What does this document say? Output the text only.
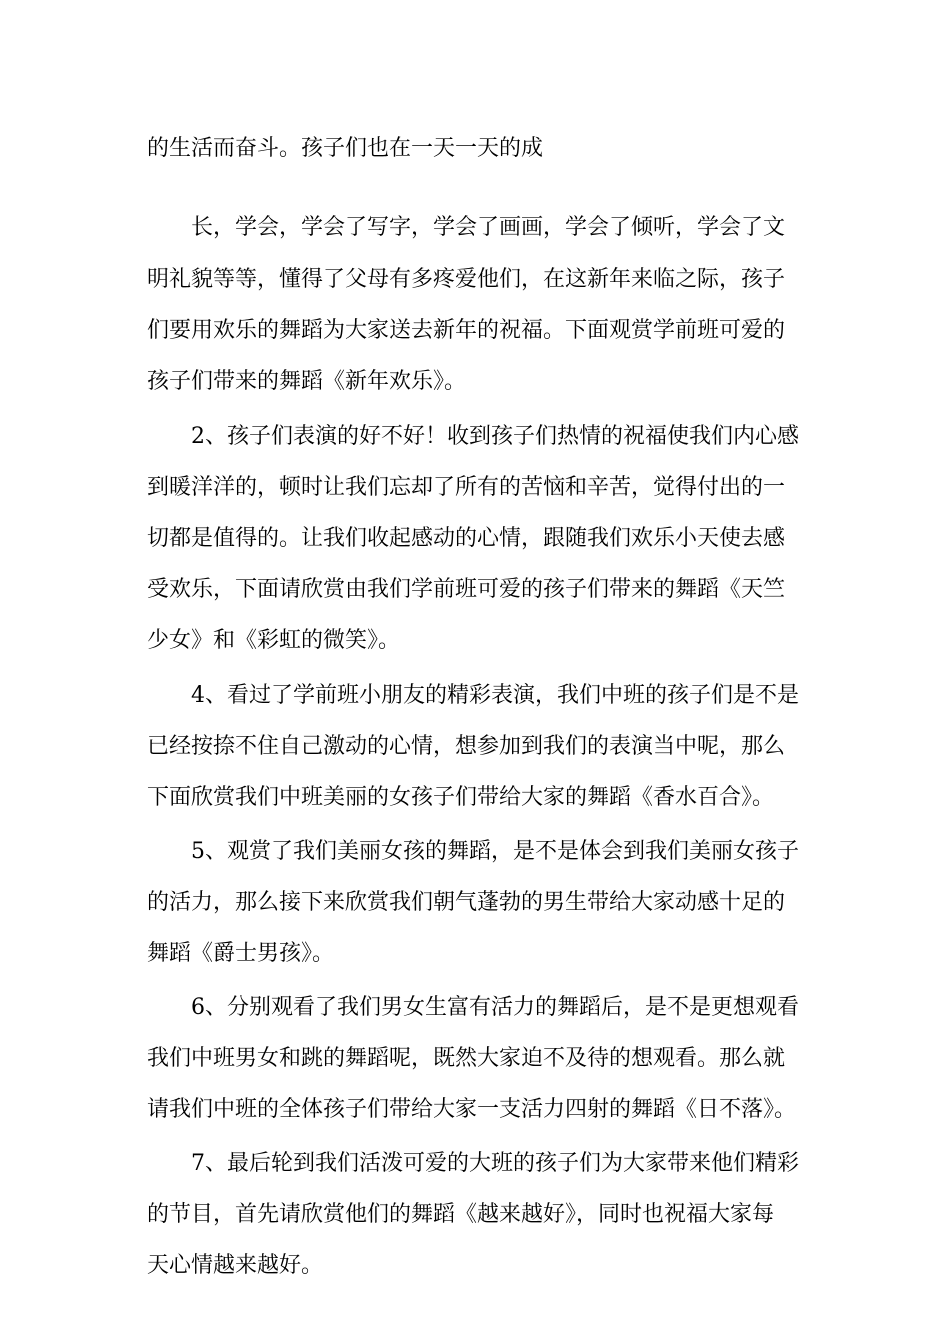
的生活而奋斗。孩子们也在一天一天的成
长，学会，学会了写字，学会了画画，学会了倾听，学会了文
明礼貌等等，懂得了父母有多疼爱他们，在这新年来临之际，孩子
们要用欢乐的舞蹈为大家送去新年的祝福。下面观赏学前班可爱的
孩子们带来的舞蹈《新年欢乐》。
2、孩子们表演的好不好！收到孩子们热情的祝福使我们内心感
到暖洋洋的，顿时让我们忘却了所有的苦恼和辛苦，觉得付出的一
切都是值得的。让我们收起感动的心情，跟随我们欢乐小天使去感
受欢乐，下面请欣赏由我们学前班可爱的孩子们带来的舞蹈《天竺
少女》和《彩虹的微笑》。
4、看过了学前班小朋友的精彩表演，我们中班的孩子们是不是
已经按捺不住自己激动的心情，想参加到我们的表演当中呢，那么
下面欣赏我们中班美丽的女孩子们带给大家的舞蹈《香水百合》。
5、观赏了我们美丽女孩的舞蹈，是不是体会到我们美丽女孩子
的活力，那么接下来欣赏我们朝气蓬勃的男生带给大家动感十足的
舞蹈《爵士男孩》。
6、分别观看了我们男女生富有活力的舞蹈后，是不是更想观看
我们中班男女和跳的舞蹈呢，既然大家迫不及待的想观看。那么就
请我们中班的全体孩子们带给大家一支活力四射的舞蹈《日不落》。
7、最后轮到我们活泼可爱的大班的孩子们为大家带来他们精彩
的节目，首先请欣赏他们的舞蹈《越来越好》，同时也祝福大家每
天心情越来越好。
